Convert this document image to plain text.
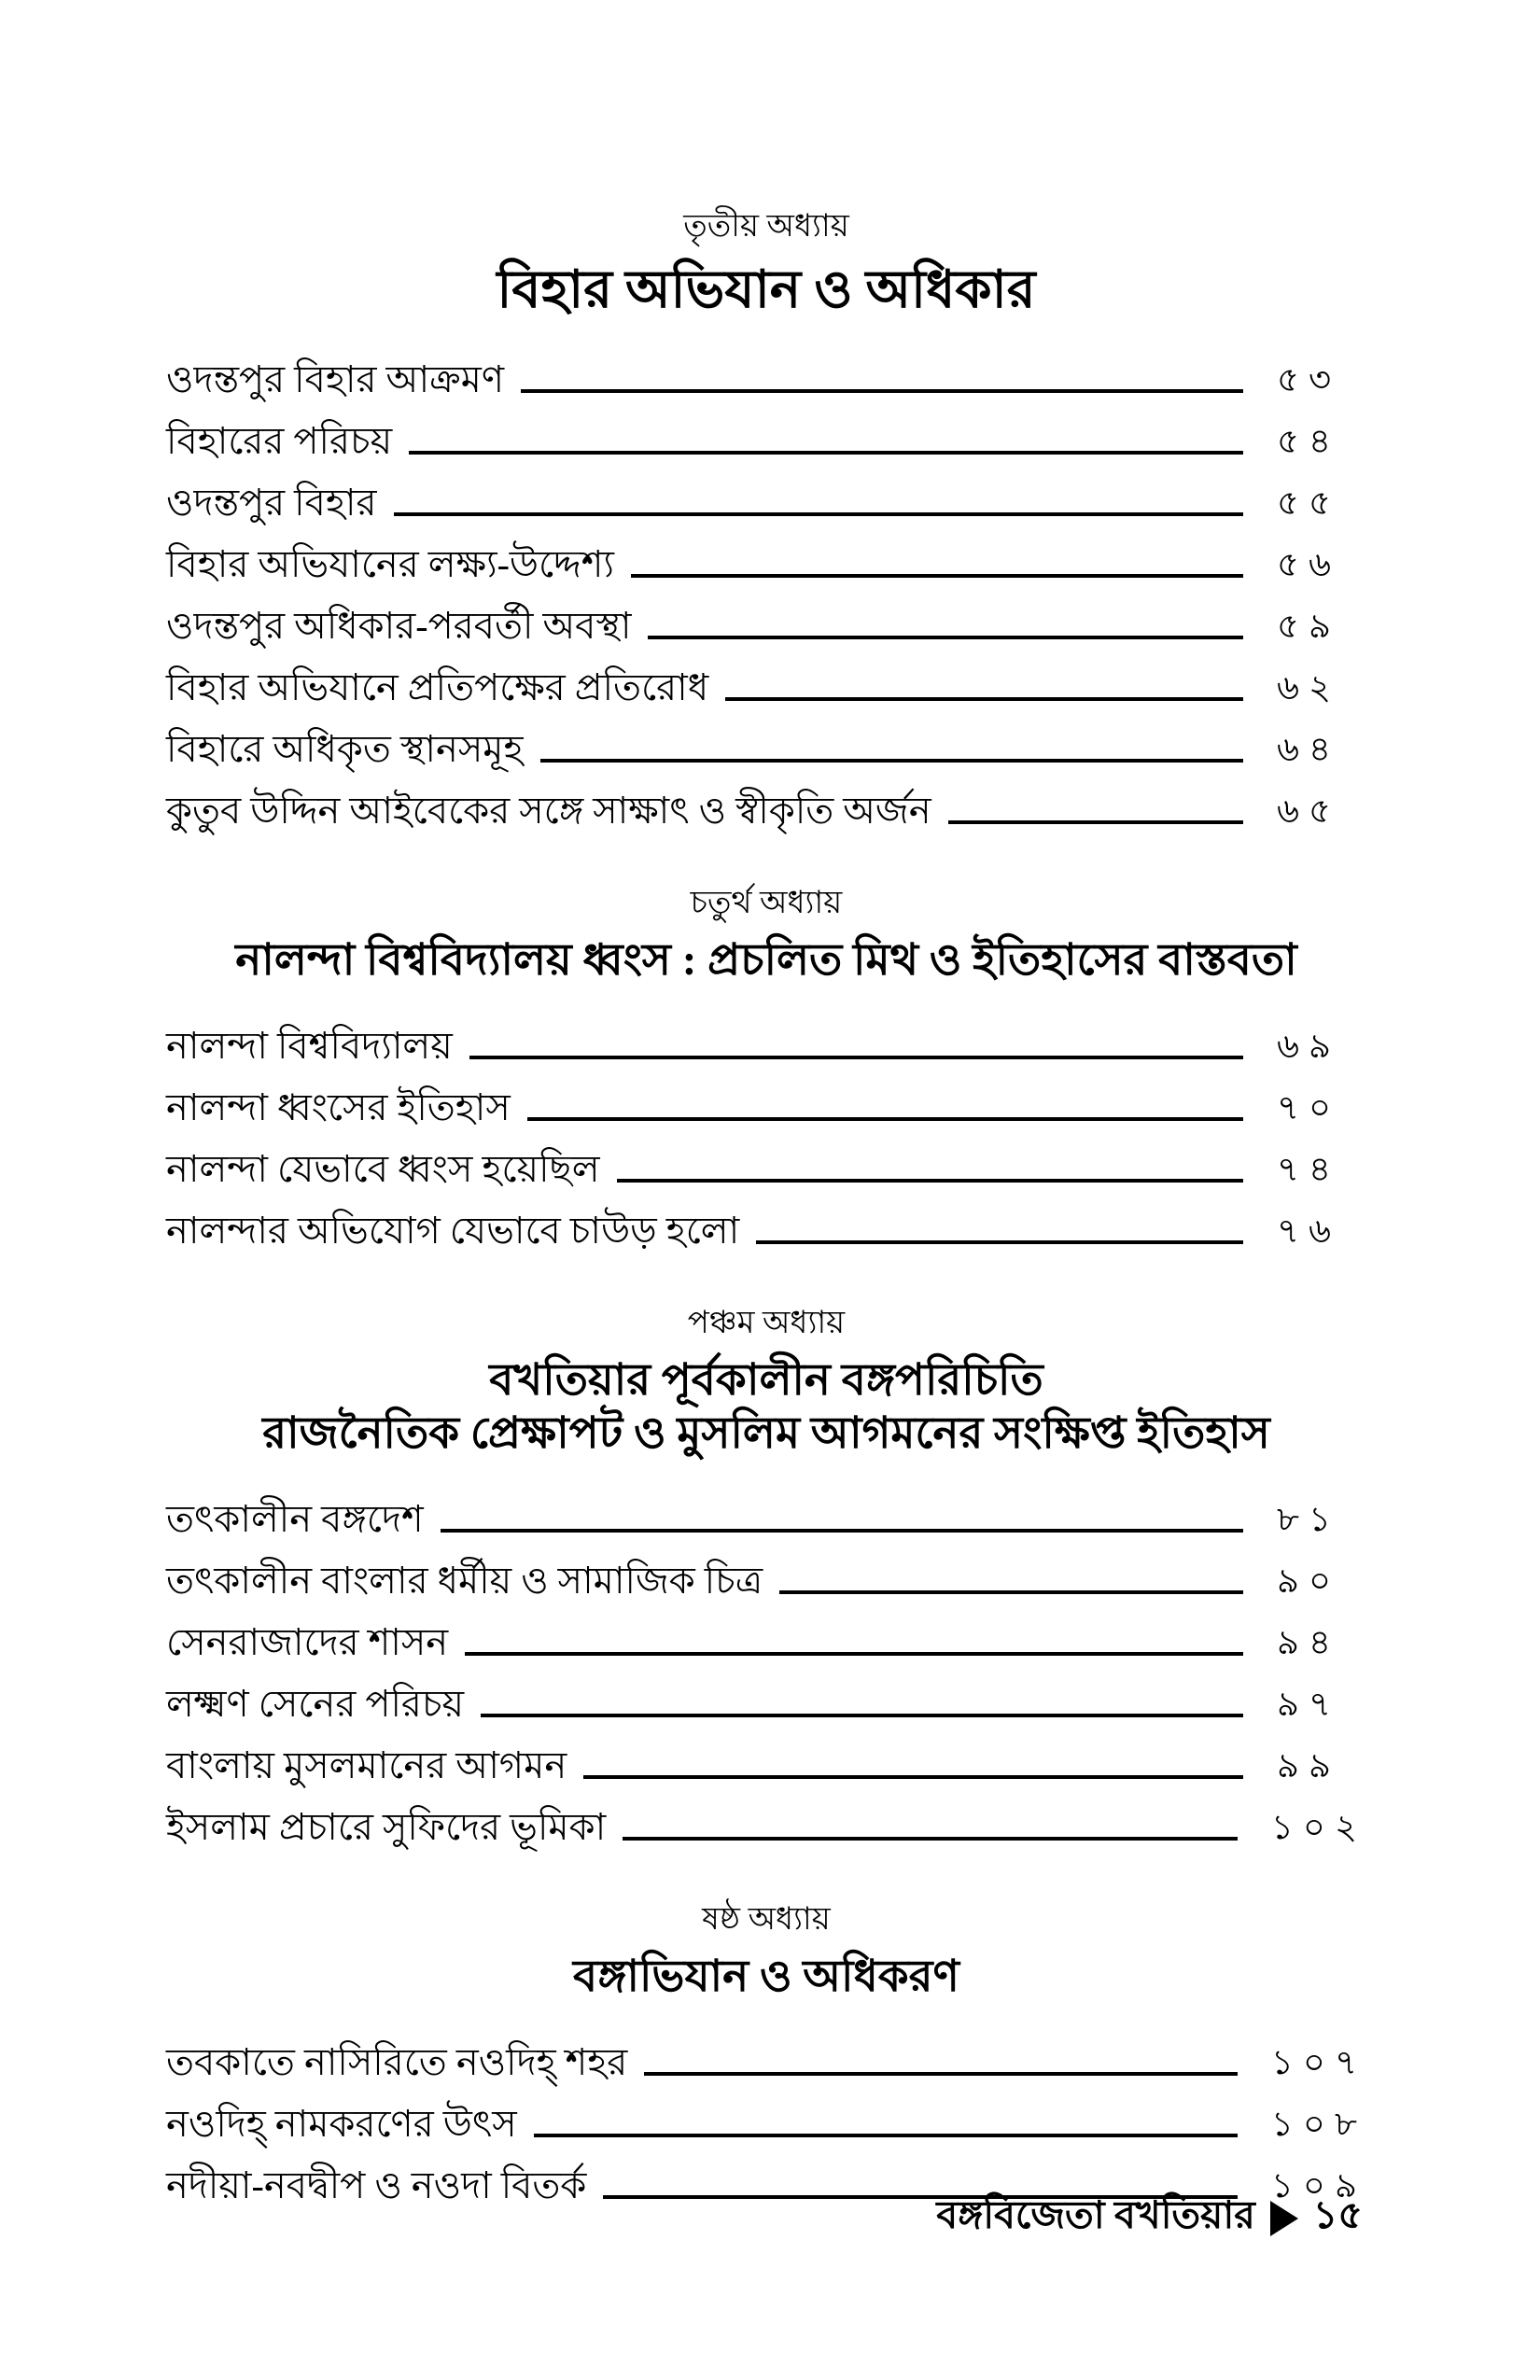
তৃতীয় অধ্যায়
বিহার অভিযান ও অধিকার
ওদন্তপুর বিহার আক্রমণ	৫৩
বিহারের পরিচয়	৫৪
ওদন্তপুর বিহার	৫৫
বিহার অভিযানের লক্ষ্য-উদ্দেশ্য	৫৬
ওদন্তপুর অধিকার-পরবর্তী অবস্থা	৫৯
বিহার অভিযানে প্রতিপক্ষের প্রতিরোধ	৬২
বিহারে অধিকৃত স্থানসমূহ	৬৪
কুতুব উদ্দিন আইবেকের সঙ্গে সাক্ষাৎ ও স্বীকৃতি অর্জন	৬৫
চতুর্থ অধ্যায়
নালন্দা বিশ্ববিদ্যালয় ধ্বংস : প্রচলিত মিথ ও ইতিহাসের বাস্তবতা
নালন্দা বিশ্ববিদ্যালয়	৬৯
নালন্দা ধ্বংসের ইতিহাস	৭০
নালন্দা যেভাবে ধ্বংস হয়েছিল	৭৪
নালন্দার অভিযোগ যেভাবে চাউড় হলো	৭৬
পঞ্চম অধ্যায়
বখতিয়ার পূর্বকালীন বঙ্গপরিচিতি
রাজনৈতিক প্রেক্ষাপট ও মুসলিম আগমনের সংক্ষিপ্ত ইতিহাস
তৎকালীন বঙ্গদেশ	৮১
তৎকালীন বাংলার ধর্মীয় ও সামাজিক চিত্র	৯০
সেনরাজাদের শাসন	৯৪
লক্ষ্মণ সেনের পরিচয়	৯৭
বাংলায় মুসলমানের আগমন	৯৯
ইসলাম প্রচারে সুফিদের ভূমিকা	১০২
ষষ্ঠ অধ্যায়
বঙ্গাভিযান ও অধিকরণ
তবকাতে নাসিরিতে নওদিহ্ শহর	১০৭
নওদিহ্ নামকরণের উৎস	১০৮
নদীয়া-নবদ্বীপ ও নওদা বিতর্ক	১০৯
বঙ্গবিজেতা বখতিয়ার ১৫
